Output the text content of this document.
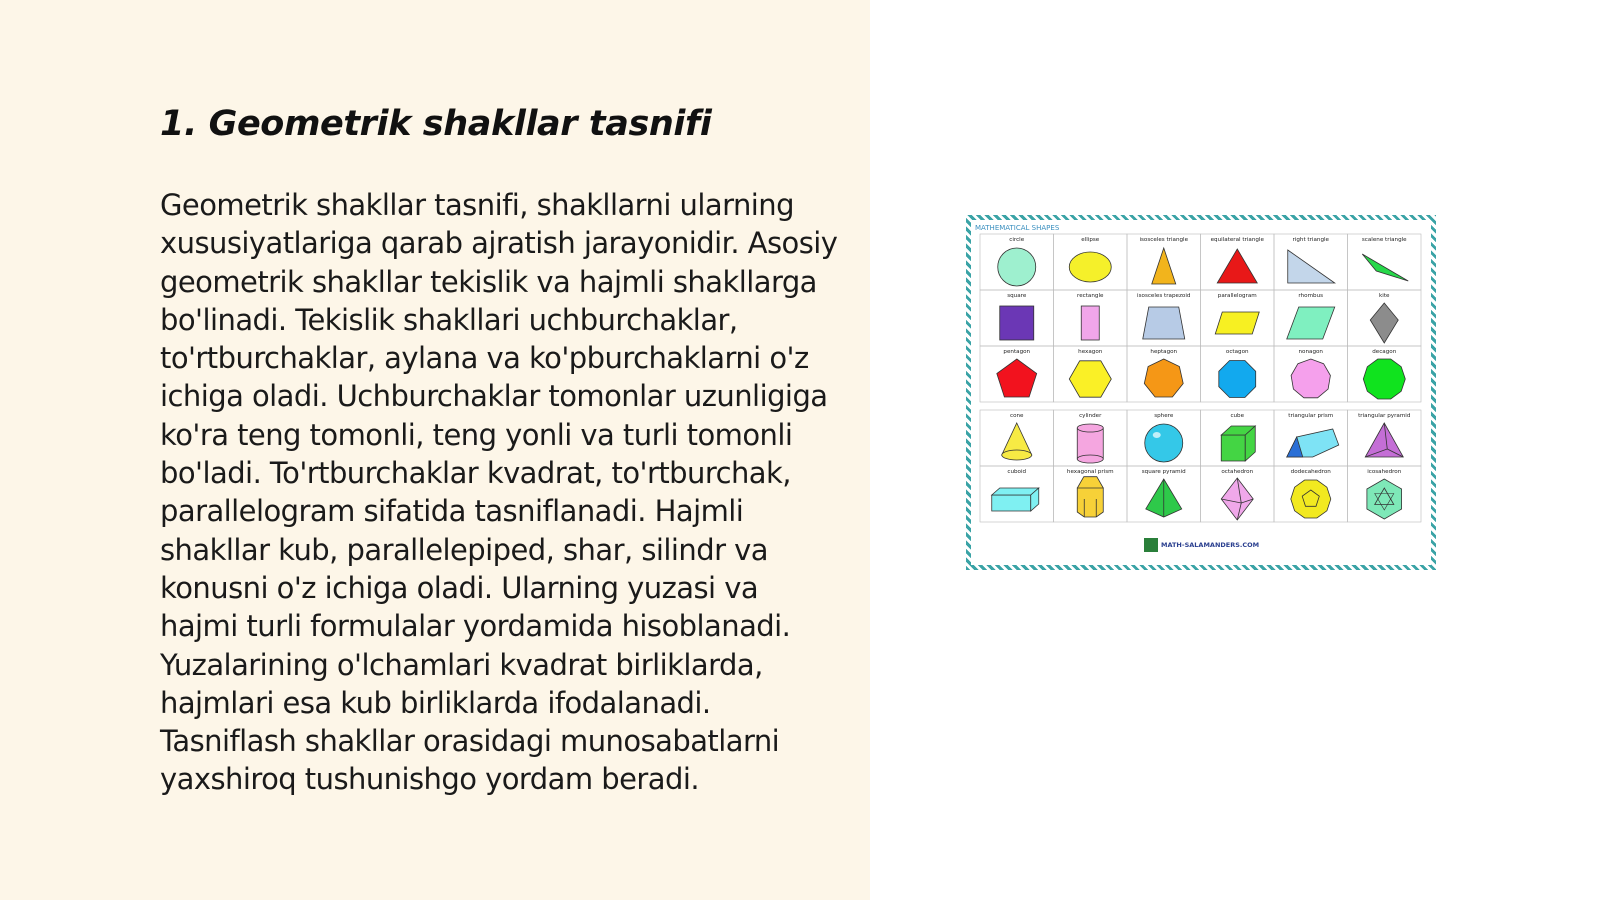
1. Geometrik shakllar tasnifi

Geometrik shakllar tasnifi, shakllarni ularning xususiyatlariga qarab ajratish jarayonidir. Asosiy geometrik shakllar tekislik va hajmli shakllarga bo'linadi. Tekislik shakllari uchburchaklar, to'rtburchaklar, aylana va ko'pburchaklarni o'z ichiga oladi. Uchburchaklar tomonlar uzunligiga ko'ra teng tomonli, teng yonli va turli tomonli bo'ladi. To'rtburchaklar kvadrat, to'rtburchak, parallelogram sifatida tasniflanadi. Hajmli shakllar kub, parallelepiped, shar, silindr va konusni o'z ichiga oladi. Ularning yuzasi va hajmi turli formulalar yordamida hisoblanadi. Yuzalarining o'lchamlari kvadrat birliklarda, hajmlari esa kub birliklarda ifodalanadi. Tasniflash shakllar orasidagi munosabatlarni yaxshiroq tushunishgo yordam beradi.

MATHEMATICAL SHAPES
circle	ellipse	isosceles triangle	equilateral triangle	right triangle	scalene triangle
square	rectangle	isosceles trapezoid	parallelogram	rhombus	kite
pentagon	hexagon	heptagon	octagon	nonagon	decagon
cone	cylinder	sphere	cube	triangular prism	triangular pyramid
cuboid	hexagonal prism	square pyramid	octahedron	dodecahedron	icosahedron
MATH-SALAMANDERS.COM
